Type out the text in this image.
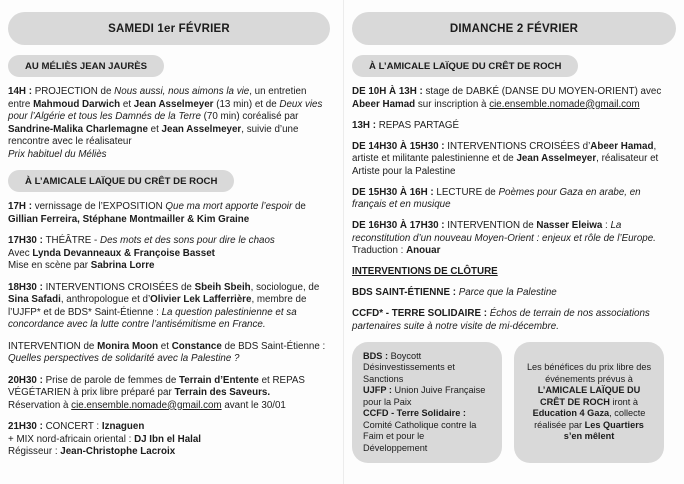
SAMEDI 1er FÉVRIER
AU MÉLIÈS JEAN JAURÈS

14H : PROJECTION de Nous aussi, nous aimons la vie, un entretien entre Mahmoud Darwich et Jean Asselmeyer (13 min) et de Deux vies pour l’Algérie et tous les Damnés de la Terre (70 min) coréalisé par Sandrine-Malika Charlemagne et Jean Asselmeyer, suivie d’une rencontre avec le réalisateur
Prix habituel du Méliès

À L’AMICALE LAÏQUE DU CRÊT DE ROCH

17H : vernissage de l’EXPOSITION Que ma mort apporte l’espoir de Gillian Ferreira, Stéphane Montmailler & Kim Graine

17H30 : THÉÂTRE - Des mots et des sons pour dire le chaos
Avec Lynda Devanneaux & Françoise Basset
Mise en scène par Sabrina Lorre

18H30 : INTERVENTIONS CROISÉES de Sbeih Sbeih, sociologue, de Sina Safadi, anthropologue et d’Olivier Lek Lafferrière, membre de l’UJFP* et de BDS* Saint-Étienne : La question palestinienne et sa concordance avec la lutte contre l’antisémitisme en France.

INTERVENTION de Monira Moon et Constance de BDS Saint-Étienne : Quelles perspectives de solidarité avec la Palestine ?

20H30 : Prise de parole de femmes de Terrain d’Entente et REPAS VÉGÉTARIEN à prix libre préparé par Terrain des Saveurs.
Réservation à cie.ensemble.nomade@gmail.com avant le 30/01

21H30 : CONCERT : Iznaguen
+ MIX nord-africain oriental : DJ Ibn el Halal
Régisseur : Jean-Christophe Lacroix

DIMANCHE 2 FÉVRIER
À L’AMICALE LAÏQUE DU CRÊT DE ROCH

DE 10H À 13H : stage de DABKÉ (DANSE DU MOYEN-ORIENT) avec Abeer Hamad sur inscription à cie.ensemble.nomade@gmail.com

13H : REPAS PARTAGÉ

DE 14H30 À 15H30 : INTERVENTIONS CROISÉES d’Abeer Hamad, artiste et militante palestinienne et de Jean Asselmeyer, réalisateur et Artiste pour la Palestine

DE 15H30 À 16H : LECTURE de Poèmes pour Gaza en arabe, en français et en musique

DE 16H30 À 17H30 : INTERVENTION de Nasser Eleiwa : La reconstitution d’un nouveau Moyen-Orient : enjeux et rôle de l’Europe. Traduction : Anouar

INTERVENTIONS DE CLÔTURE

BDS SAINT-ÉTIENNE : Parce que la Palestine

CCFD* - TERRE SOLIDAIRE : Échos de terrain de nos associations partenaires suite à notre visite de mi-décembre.

BDS : Boycott Désinvestissements et Sanctions
UJFP : Union Juive Française pour la Paix
CCFD - Terre Solidaire : Comité Catholique contre la Faim et pour le Développement
Les bénéfices du prix libre des événements prévus à L’AMICALE LAÏQUE DU CRÊT DE ROCH iront à Education 4 Gaza, collecte réalisée par Les Quartiers s’en mêlent
